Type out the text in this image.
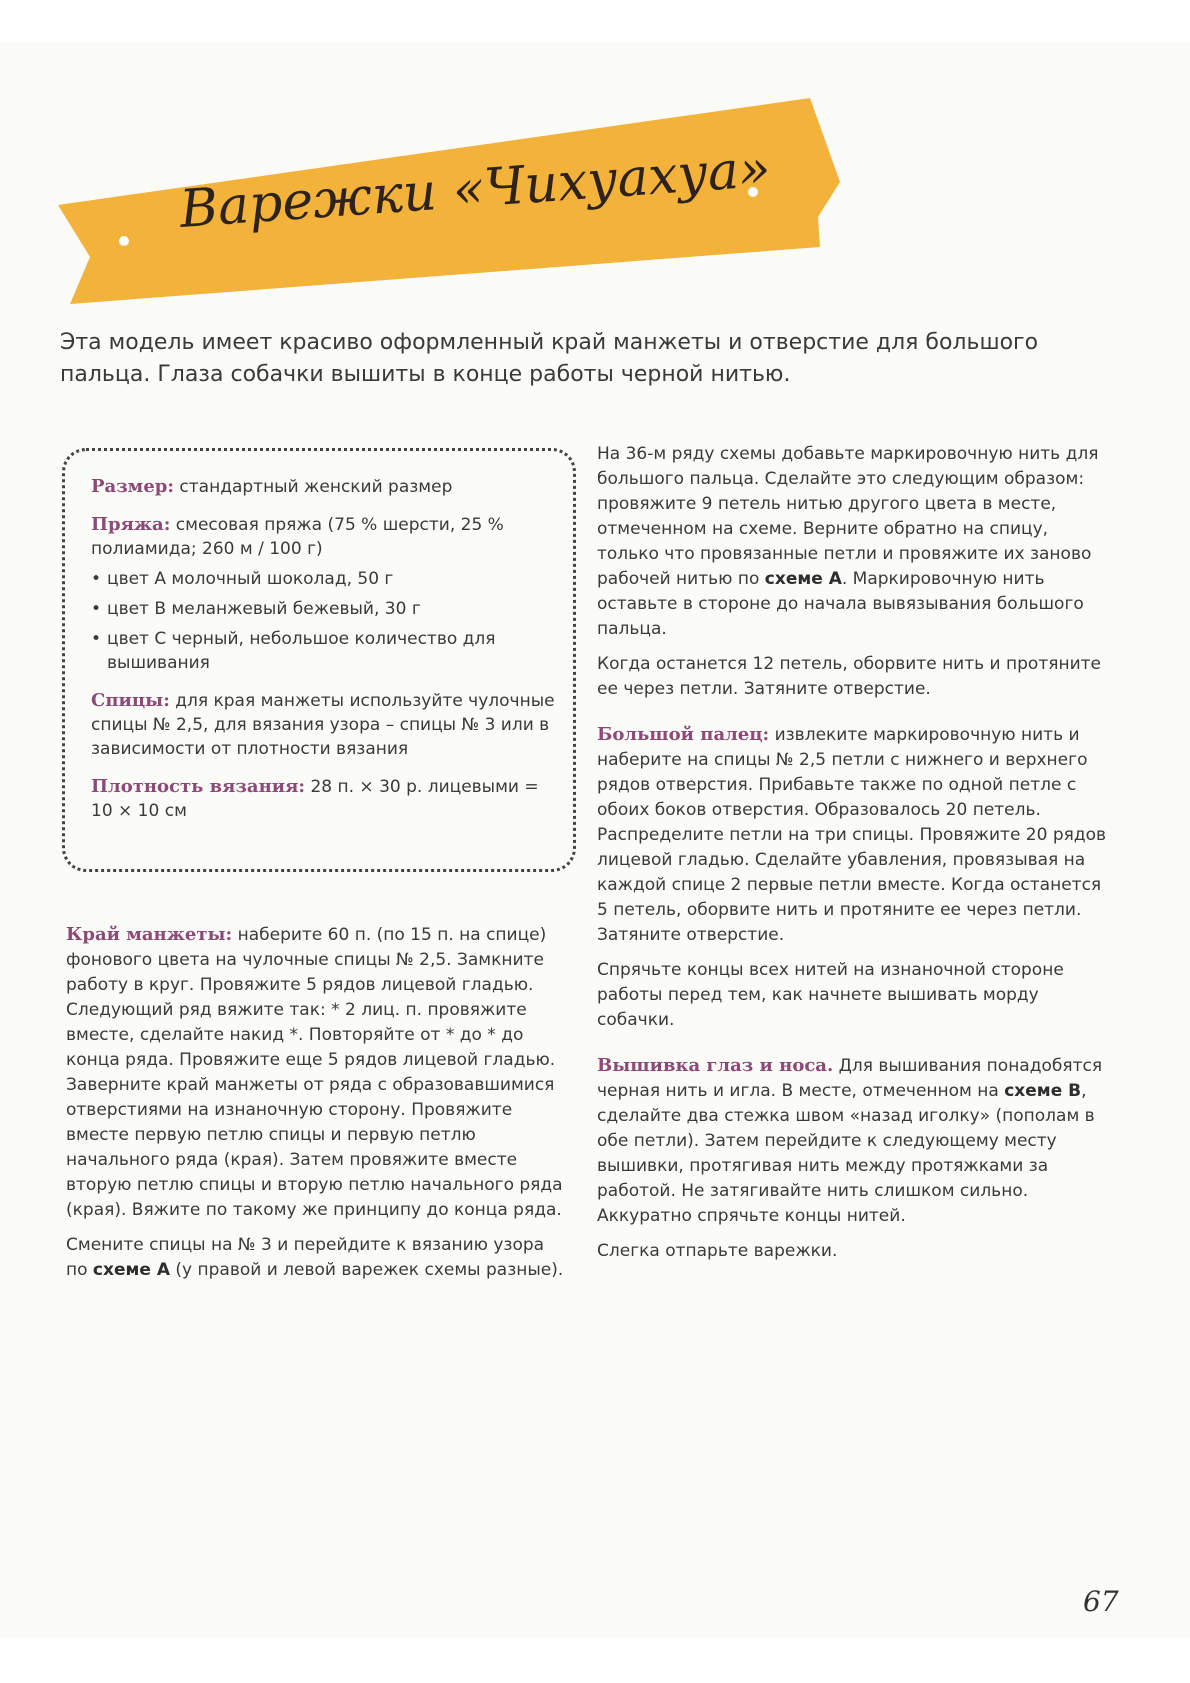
Варежки «Чихуахуа»

Эта модель имеет красиво оформленный край манжеты и отверстие для большого пальца. Глаза собачки вышиты в конце работы черной нитью.

Размер: стандартный женский размер

Пряжа: смесовая пряжа (75 % шерсти, 25 % полиамида; 260 м / 100 г)
• цвет А молочный шоколад, 50 г
• цвет В меланжевый бежевый, 30 г
• цвет С черный, небольшое количество для вышивания

Спицы: для края манжеты используйте чулочные спицы № 2,5, для вязания узора – спицы № 3 или в зависимости от плотности вязания

Плотность вязания: 28 п. × 30 р. лицевыми = 10 × 10 см

Край манжеты: наберите 60 п. (по 15 п. на спице) фонового цвета на чулочные спицы № 2,5. Замкните работу в круг. Провяжите 5 рядов лицевой гладью. Следующий ряд вяжите так: * 2 лиц. п. провяжите вместе, сделайте накид *. Повторяйте от * до * до конца ряда. Провяжите еще 5 рядов лицевой гладью. Заверните край манжеты от ряда с образовавшимися отверстиями на изнаночную сторону. Провяжите вместе первую петлю спицы и первую петлю начального ряда (края). Затем провяжите вместе вторую петлю спицы и вторую петлю начального ряда (края). Вяжите по такому же принципу до конца ряда.

Смените спицы на № 3 и перейдите к вязанию узора по схеме А (у правой и левой варежек схемы разные).

На 36-м ряду схемы добавьте маркировочную нить для большого пальца. Сделайте это следующим образом: провяжите 9 петель нитью другого цвета в месте, отмеченном на схеме. Верните обратно на спицу, только что провязанные петли и провяжите их заново рабочей нитью по схеме А. Маркировочную нить оставьте в стороне до начала вывязывания большого пальца.

Когда останется 12 петель, оборвите нить и протяните ее через петли. Затяните отверстие.

Большой палец: извлеките маркировочную нить и наберите на спицы № 2,5 петли с нижнего и верхнего рядов отверстия. Прибавьте также по одной петле с обоих боков отверстия. Образовалось 20 петель. Распределите петли на три спицы. Провяжите 20 рядов лицевой гладью. Сделайте убавления, провязывая на каждой спице 2 первые петли вместе. Когда останется 5 петель, оборвите нить и протяните ее через петли. Затяните отверстие.

Спрячьте концы всех нитей на изнаночной стороне работы перед тем, как начнете вышивать морду собачки.

Вышивка глаз и носа. Для вышивания понадобятся черная нить и игла. В месте, отмеченном на схеме В, сделайте два стежка швом «назад иголку» (пополам в обе петли). Затем перейдите к следующему месту вышивки, протягивая нить между протяжками за работой. Не затягивайте нить слишком сильно. Аккуратно спрячьте концы нитей.

Слегка отпарьте варежки.

67
